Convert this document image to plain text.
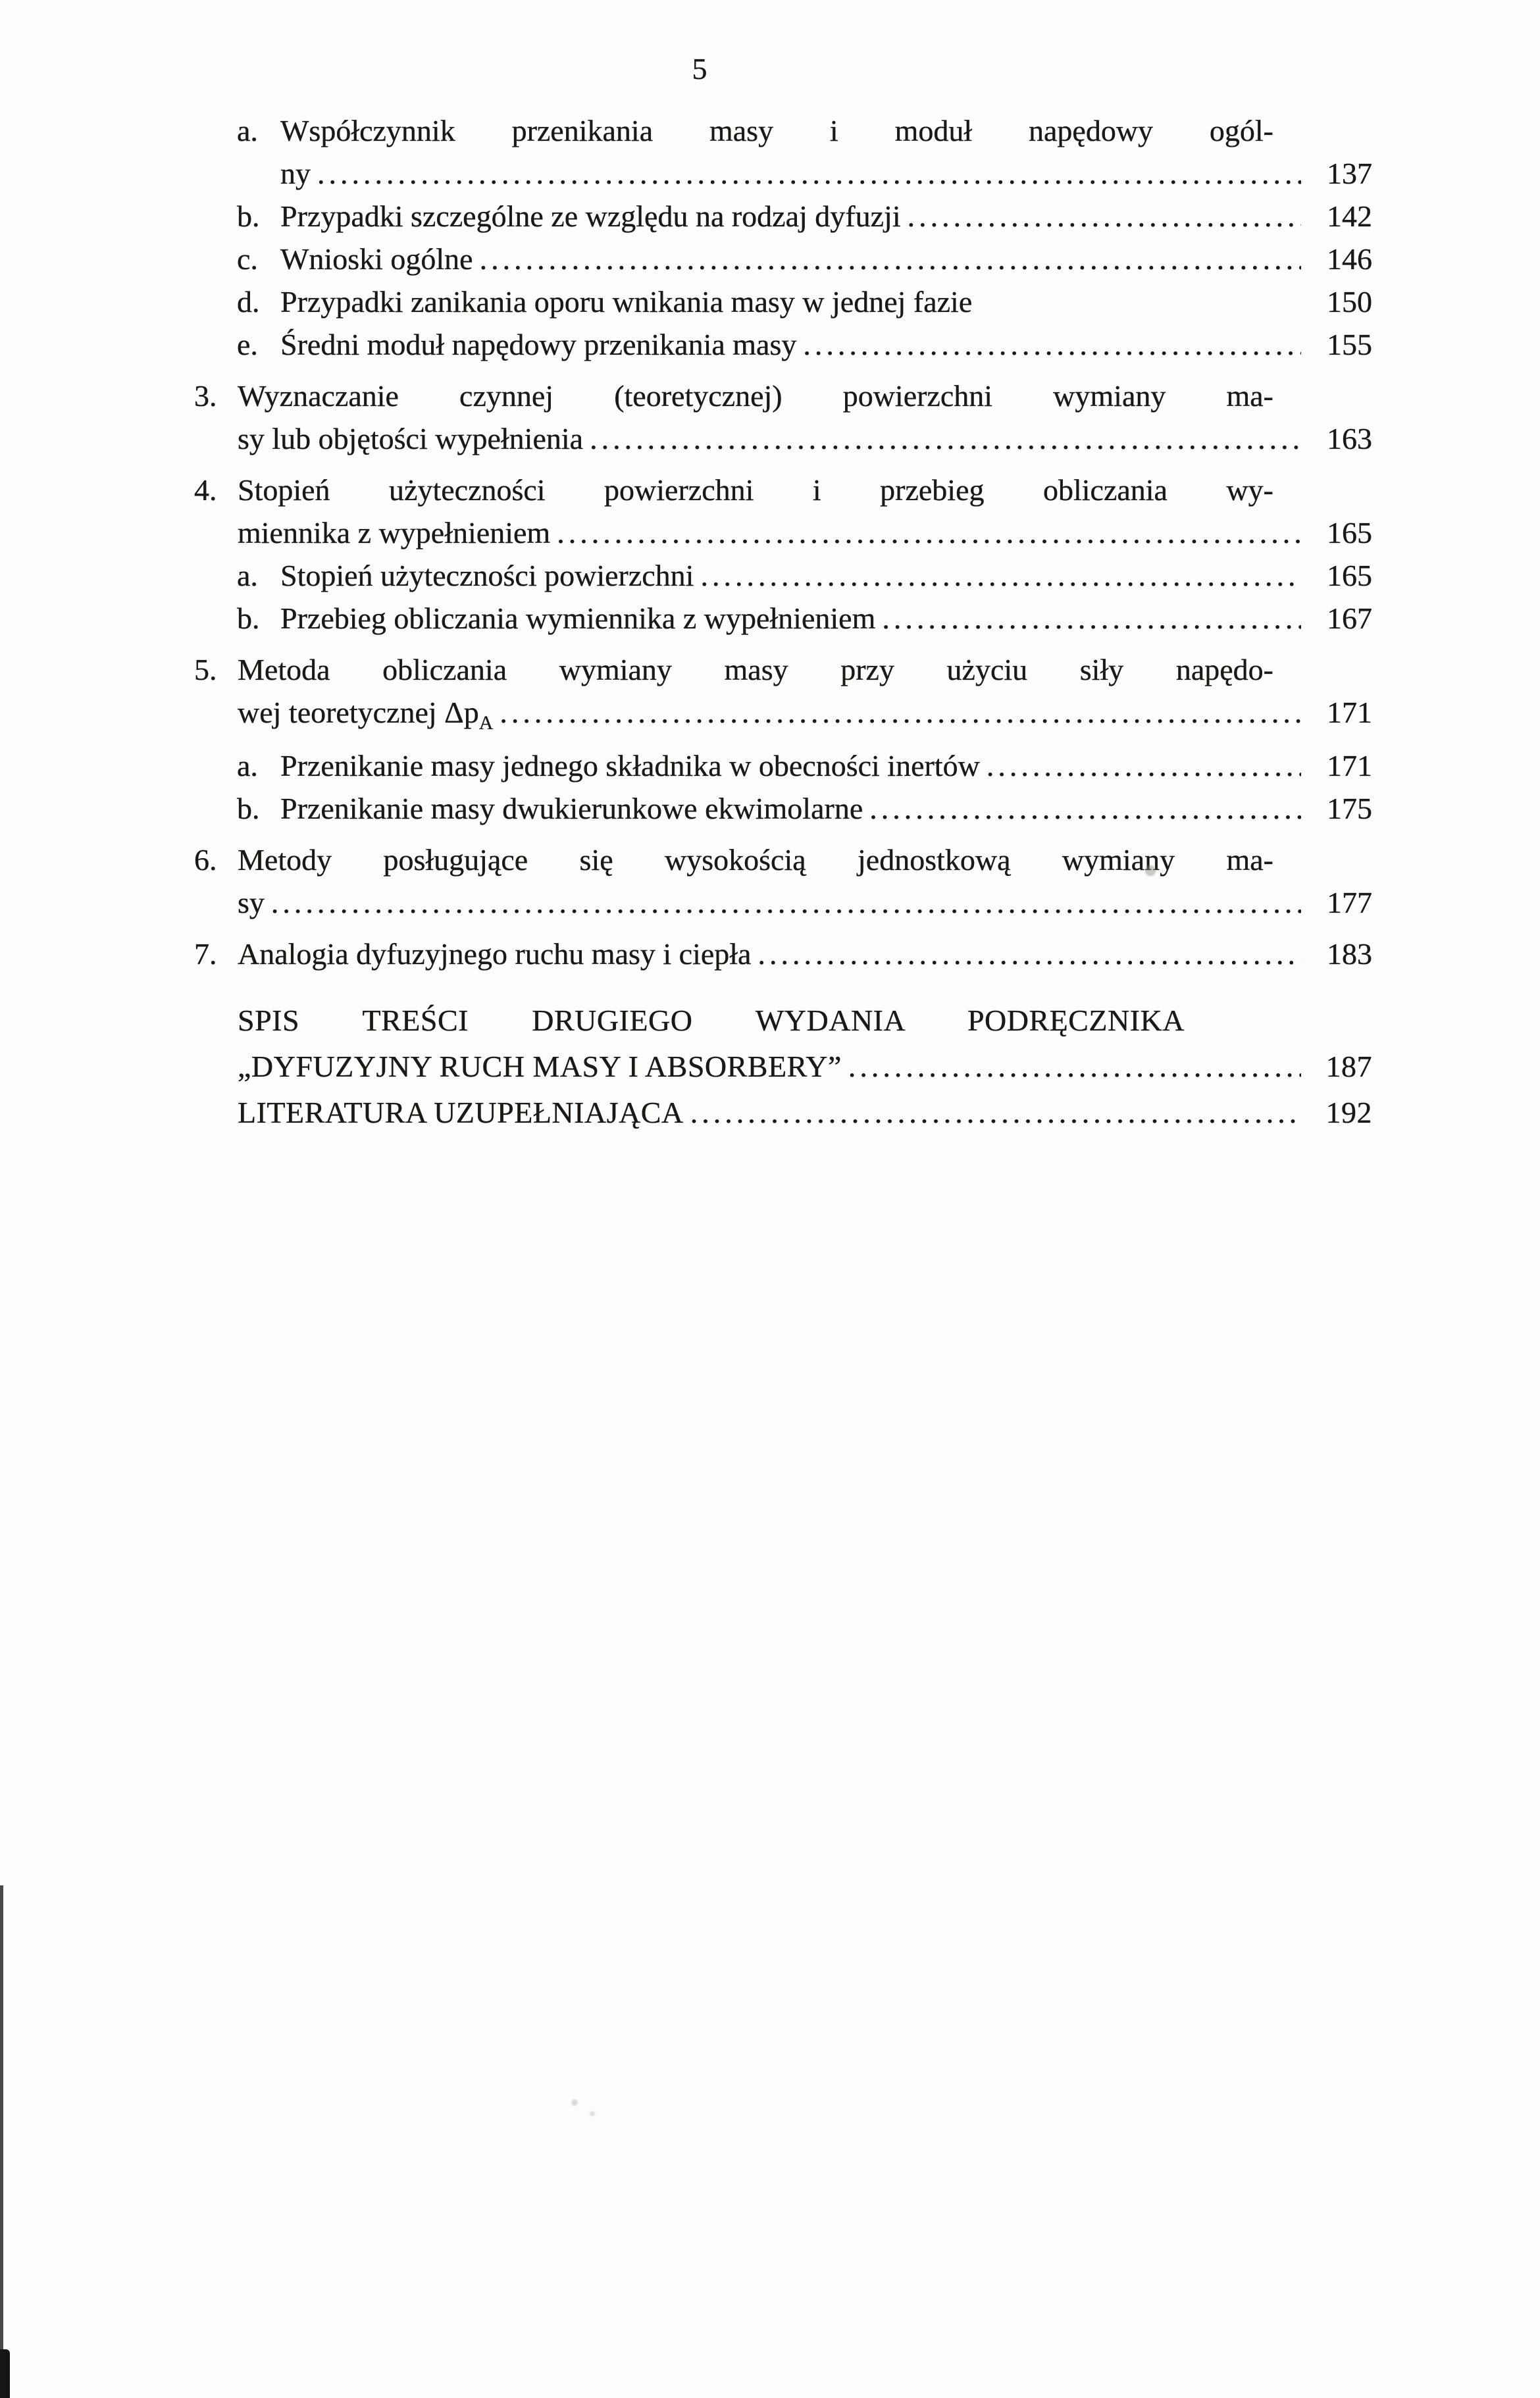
5
a. Współczynnik przenikania masy i moduł napędowy ogól-
ny .....	137
b. Przypadki szczególne ze względu na rodzaj dyfuzji .....	142
c. Wnioski ogólne .....	146
d. Przypadki zanikania oporu wnikania masy w jednej fazie	150
e. Średni moduł napędowy przenikania masy .....	155
3. Wyznaczanie czynnej (teoretycznej) powierzchni wymiany ma-
sy lub objętości wypełnienia .....	163
4. Stopień użyteczności powierzchni i przebieg obliczania wy-
miennika z wypełnieniem .....	165
a. Stopień użyteczności powierzchni .....	165
b. Przebieg obliczania wymiennika z wypełnieniem .....	167
5. Metoda obliczania wymiany masy przy użyciu siły napędo-
wej teoretycznej $\Delta p_A$ .....	171
a. Przenikanie masy jednego składnika w obecności inertów .....	171
b. Przenikanie masy dwukierunkowe ekwimolarne .....	175
6. Metody posługujące się wysokością jednostkową wymiany ma-
sy .....	177
7. Analogia dyfuzyjnego ruchu masy i ciepła .....	183
SPIS TREŚCI DRUGIEGO WYDANIA PODRĘCZNIKA
„DYFUZYJNY RUCH MASY I ABSORBERY” .....	187
LITERATURA UZUPEŁNIAJĄCA .....	192
